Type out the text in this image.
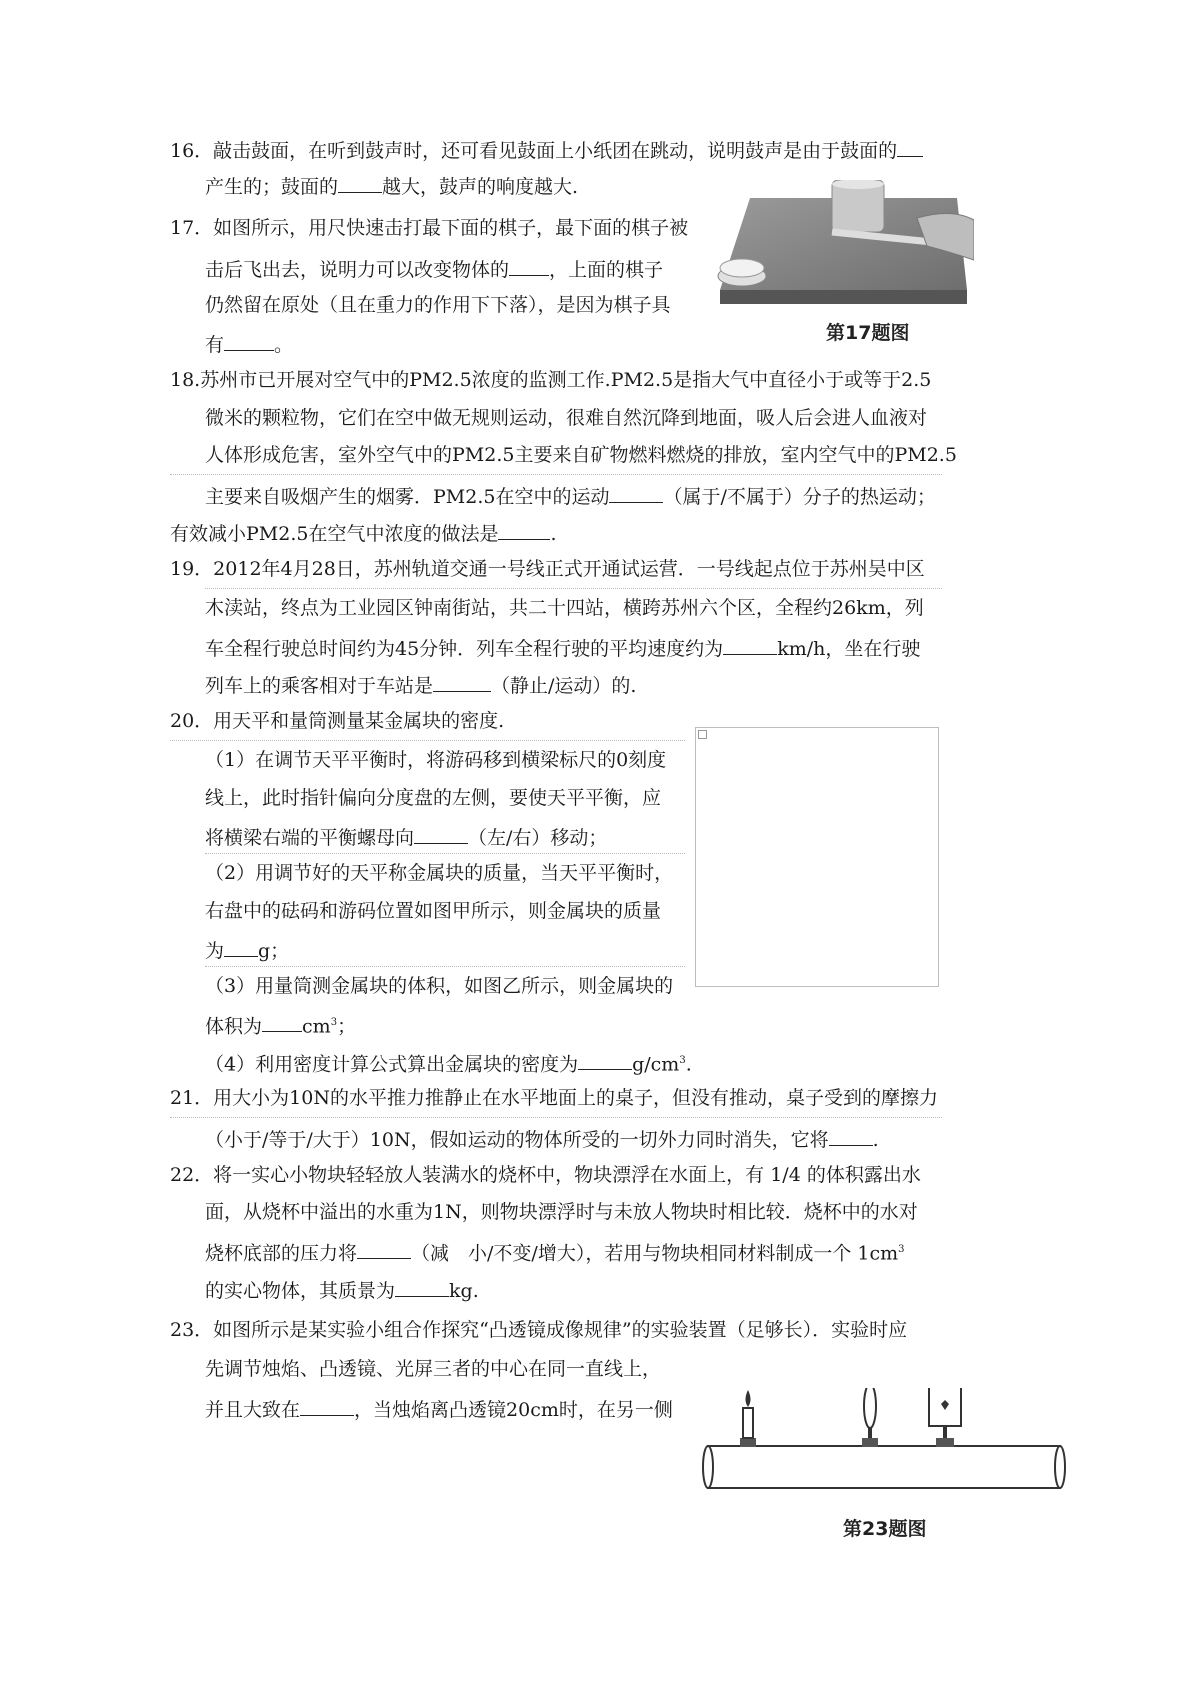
16．敲击鼓面，在听到鼓声时，还可看见鼓面上小纸团在跳动，说明鼓声是由于鼓面的
产生的；鼓面的 越大，鼓声的响度越大.
17．如图所示，用尺快速击打最下面的棋子，最下面的棋子被
击后飞出去，说明力可以改变物体的 ，上面的棋子
仍然留在原处（且在重力的作用下下落），是因为棋子具
有	。
第17题图
18.苏州市已开展对空气中的PM2.5浓度的监测工作.PM2.5是指大气中直径小于或等于2.5
微米的颗粒物，它们在空中做无规则运动，很难自然沉降到地面，吸人后会进人血液对
人体形成危害，室外空气中的PM2.5主要来自矿物燃料燃烧的排放，室内空气中的PM2.5
主要来自吸烟产生的烟雾．PM2.5在空中的运动	（属于/不属于）分子的热运动；
有效减小PM2.5在空气中浓度的做法是	.
19．2012年4月28日，苏州轨道交通一号线正式开通试运营．一号线起点位于苏州吴中区
木渎站，终点为工业园区钟南街站，共二十四站，横跨苏州六个区，全程约26km，列
车全程行驶总时间约为45分钟．列车全程行驶的平均速度约为	km/h，坐在行驶
列车上的乘客相对于车站是	（静止/运动）的.
20．用天平和量筒测量某金属块的密度.
（1）在调节天平平衡时，将游码移到横梁标尺的0刻度
线上，此时指针偏向分度盘的左侧，要使天平平衡，应
将横梁右端的平衡螺母向	（左/右）移动；
（2）用调节好的天平称金属块的质量，当天平平衡时，
右盘中的砝码和游码位置如图甲所示，则金属块的质量
为 g；
（3）用量筒测金属块的体积，如图乙所示，则金属块的
体积为 $cm^3$；
（4）利用密度计算公式算出金属块的密度为	$g/cm^3$.
21．用大小为10N的水平推力推静止在水平地面上的桌子，但没有推动，桌子受到的摩擦力
（小于/等于/大于）10N，假如运动的物体所受的一切外力同时消失，它将 .
22．将一实心小物块轻轻放人装满水的烧杯中，物块漂浮在水面上，有 1/4 的体积露出水
面，从烧杯中溢出的水重为1N，则物块漂浮时与未放人物块时相比较．烧杯中的水对
烧杯底部的压力将	（减　小/不变/增大），若用与物块相同材料制成一个 $1cm^3$
的实心物体，其质景为	kg.
23．如图所示是某实验小组合作探究“凸透镜成像规律”的实验装置（足够长）．实验时应
先调节烛焰、凸透镜、光屏三者的中心在同一直线上，
并且大致在	，当烛焰离凸透镜20cm时，在另一侧
第23题图
